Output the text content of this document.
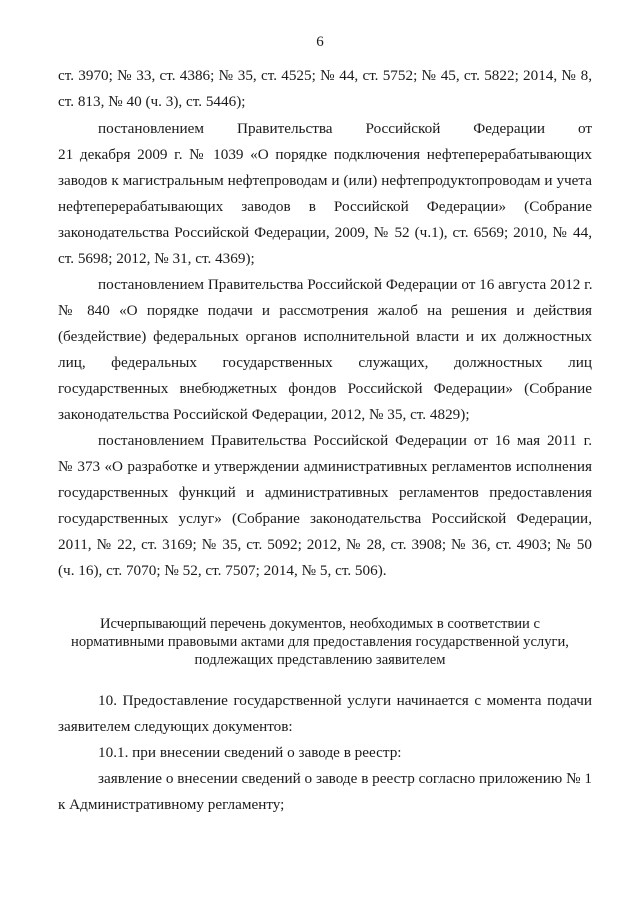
6
ст. 3970; № 33, ст. 4386; № 35, ст. 4525; № 44, ст. 5752; № 45, ст. 5822; 2014, № 8,
ст. 813, № 40 (ч. 3), ст. 5446);
постановлением Правительства Российской Федерации от
21 декабря 2009 г. № 1039 «О порядке подключения нефтеперерабатывающих
заводов к магистральным нефтепроводам и (или) нефтепродуктопроводам и учета
нефтеперерабатывающих заводов в Российской Федерации» (Собрание
законодательства Российской Федерации, 2009, № 52 (ч.1), ст. 6569; 2010, № 44,
ст. 5698; 2012, № 31, ст. 4369);
постановлением Правительства Российской Федерации от 16 августа 2012 г.
№ 840 «О порядке подачи и рассмотрения жалоб на решения и действия
(бездействие) федеральных органов исполнительной власти и их должностных
лиц, федеральных государственных служащих, должностных лиц
государственных внебюджетных фондов Российской Федерации» (Собрание
законодательства Российской Федерации, 2012, № 35, ст. 4829);
постановлением Правительства Российской Федерации от 16 мая 2011 г.
№ 373 «О разработке и утверждении административных регламентов исполнения
государственных функций и административных регламентов предоставления
государственных услуг» (Собрание законодательства Российской Федерации,
2011, № 22, ст. 3169; № 35, ст. 5092; 2012, № 28, ст. 3908; № 36, ст. 4903; № 50
(ч. 16), ст. 7070; № 52, ст. 7507; 2014, № 5, ст. 506).
Исчерпывающий перечень документов, необходимых в соответствии с
нормативными правовыми актами для предоставления государственной услуги,
подлежащих представлению заявителем
10. Предоставление государственной услуги начинается с момента подачи
заявителем следующих документов:
10.1. при внесении сведений о заводе в реестр:
заявление о внесении сведений о заводе в реестр согласно приложению № 1
к Административному регламенту;
